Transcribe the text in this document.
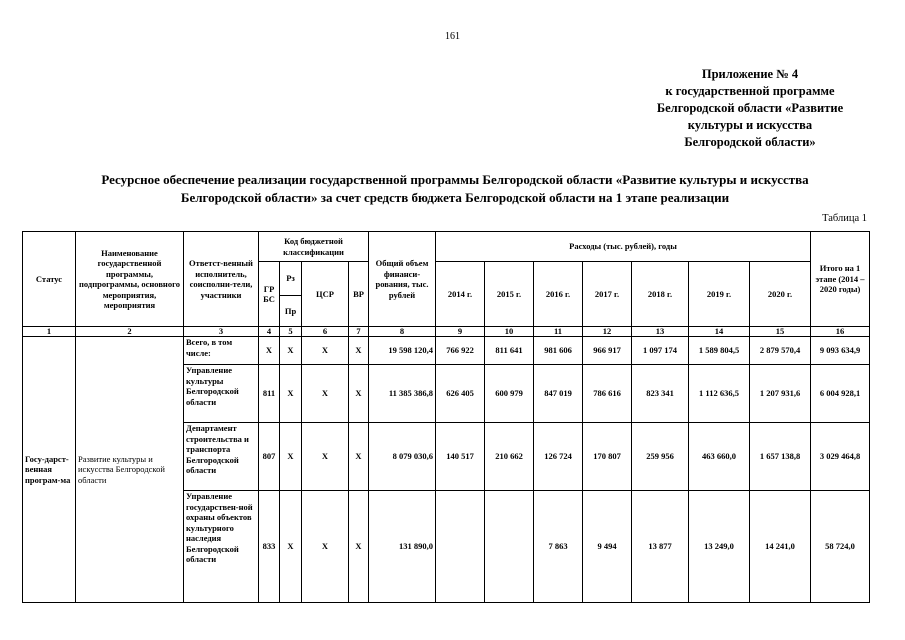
161
Приложение № 4
к государственной программе
Белгородской области «Развитие
культуры и искусства
Белгородской области»
Ресурсное обеспечение реализации государственной программы Белгородской области «Развитие культуры и искусства
Белгородской области» за счет средств бюджета Белгородской области на 1 этапе реализации
Таблица 1
Статус	Наименование государственной программы, подпрограммы, основного мероприятия, мероприятия	Ответст-венный исполнитель, соисполни-тели, участники	Код бюджетной классификации				Общий объем финанси-рования, тыс. рублей	Расходы (тыс. рублей), годы							Итого на 1 этапе (2014 – 2020 годы)
			ГР БС	Рз	ЦСР	ВР		2014 г.	2015 г.	2016 г.	2017 г.	2018 г.	2019 г.	2020 г.	
				Пр											
1	2	3	4	5	6	7	8	9	10	11	12	13	14	15	16
Госу-дарст-венная програм-ма	Развитие культуры и искусства Белгородской области	Всего, в том числе:	Х	Х	Х	Х	19 598 120,4	766 922	811 641	981 606	966 917	1 097 174	1 589 804,5	2 879 570,4	9 093 634,9
		Управление культуры Белгородской области	811	Х	Х	Х	11 385 386,8	626 405	600 979	847 019	786 616	823 341	1 112 636,5	1 207 931,6	6 004 928,1
		Департамент строительства и транспорта Белгородской области	807	Х	Х	Х	8 079 030,6	140 517	210 662	126 724	170 807	259 956	463 660,0	1 657 138,8	3 029 464,8
		Управление государствен-ной охраны объектов культурного наследия Белгородской области	833	Х	Х	Х	131 890,0			7 863	9 494	13 877	13 249,0	14 241,0	58 724,0
